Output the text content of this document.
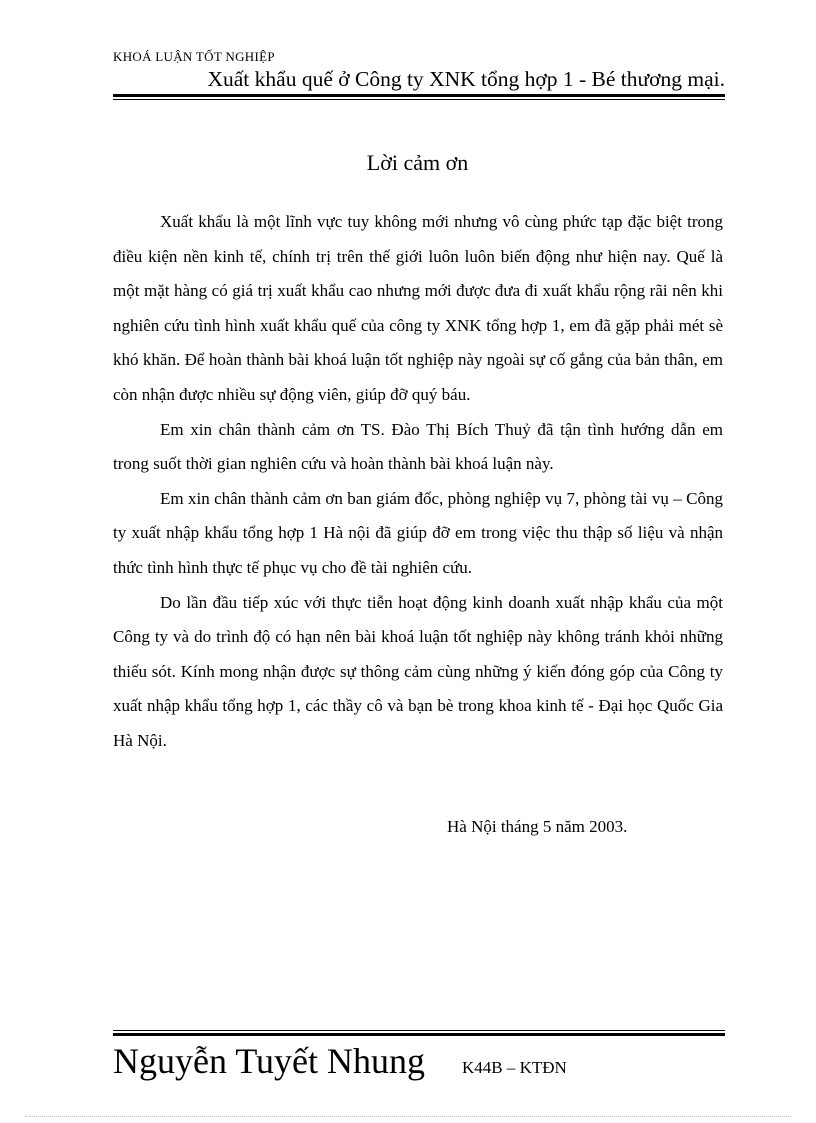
KHOÁ LUẬN TỐT NGHIỆP
Xuất khẩu quế ở Công ty XNK tổng hợp 1 - Bé thương mại.
Lời cảm ơn

Xuất khẩu là một lĩnh vực tuy không mới nhưng vô cùng phức tạp đặc biệt trong điều kiện nền kinh tế, chính trị trên thế giới luôn luôn biến động như hiện nay. Quế là một mặt hàng có giá trị xuất khẩu cao nhưng mới được đưa đi xuất khẩu rộng rãi nên khi nghiên cứu tình hình xuất khẩu quế của công ty XNK tổng hợp 1, em đã gặp phải mét sè khó khăn. Để hoàn thành bài khoá luận tốt nghiệp này ngoài sự cố gắng của bản thân, em còn nhận được nhiều sự động viên, giúp đỡ quý báu.

Em xin chân thành cảm ơn TS. Đào Thị Bích Thuỷ đã tận tình hướng dẫn em trong suốt thời gian nghiên cứu và hoàn thành bài khoá luận này.

Em xin chân thành cảm ơn ban giám đốc, phòng nghiệp vụ 7, phòng tài vụ – Công ty xuất nhập khẩu tổng hợp 1 Hà nội đã giúp đỡ em trong việc thu thập số liệu và nhận thức tình hình thực tế phục vụ cho đề tài nghiên cứu.

Do lần đầu tiếp xúc với thực tiễn hoạt động kinh doanh xuất nhập khẩu của một Công ty và do trình độ có hạn nên bài khoá luận tốt nghiệp này không tránh khỏi những thiếu sót. Kính mong nhận được sự thông cảm cùng những ý kiến đóng góp của Công ty xuất nhập khẩu tổng hợp 1, các thầy cô và bạn bè trong khoa kinh tế - Đại học Quốc Gia Hà Nội.

Hà Nội tháng 5 năm 2003.
Nguyễn Tuyết Nhung K44B – KTĐN
